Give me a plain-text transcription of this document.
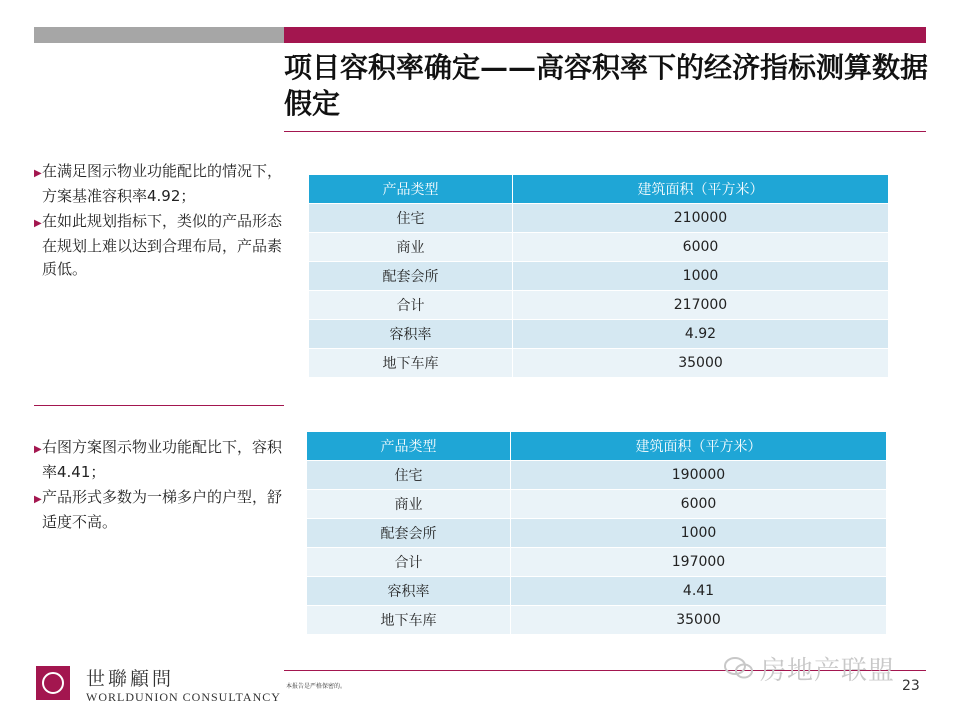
项目容积率确定——高容积率下的经济指标测算数据假定
▶在满足图示物业功能配比的情况下，方案基准容积率4.92；
▶在如此规划指标下，类似的产品形态在规划上难以达到合理布局，产品素质低。
产品类型	建筑面积（平方米）
住宅	210000
商业	6000
配套会所	1000
合计	217000
容积率	4.92
地下车库	35000
▶右图方案图示物业功能配比下，容积率4.41；
▶产品形式多数为一梯多户的户型，舒适度不高。
产品类型	建筑面积（平方米）
住宅	190000
商业	6000
配套会所	1000
合计	197000
容积率	4.41
地下车库	35000
世聯顧問
WORLDUNION CONSULTANCY
本报告是严格保密的。	23
房地产联盟
